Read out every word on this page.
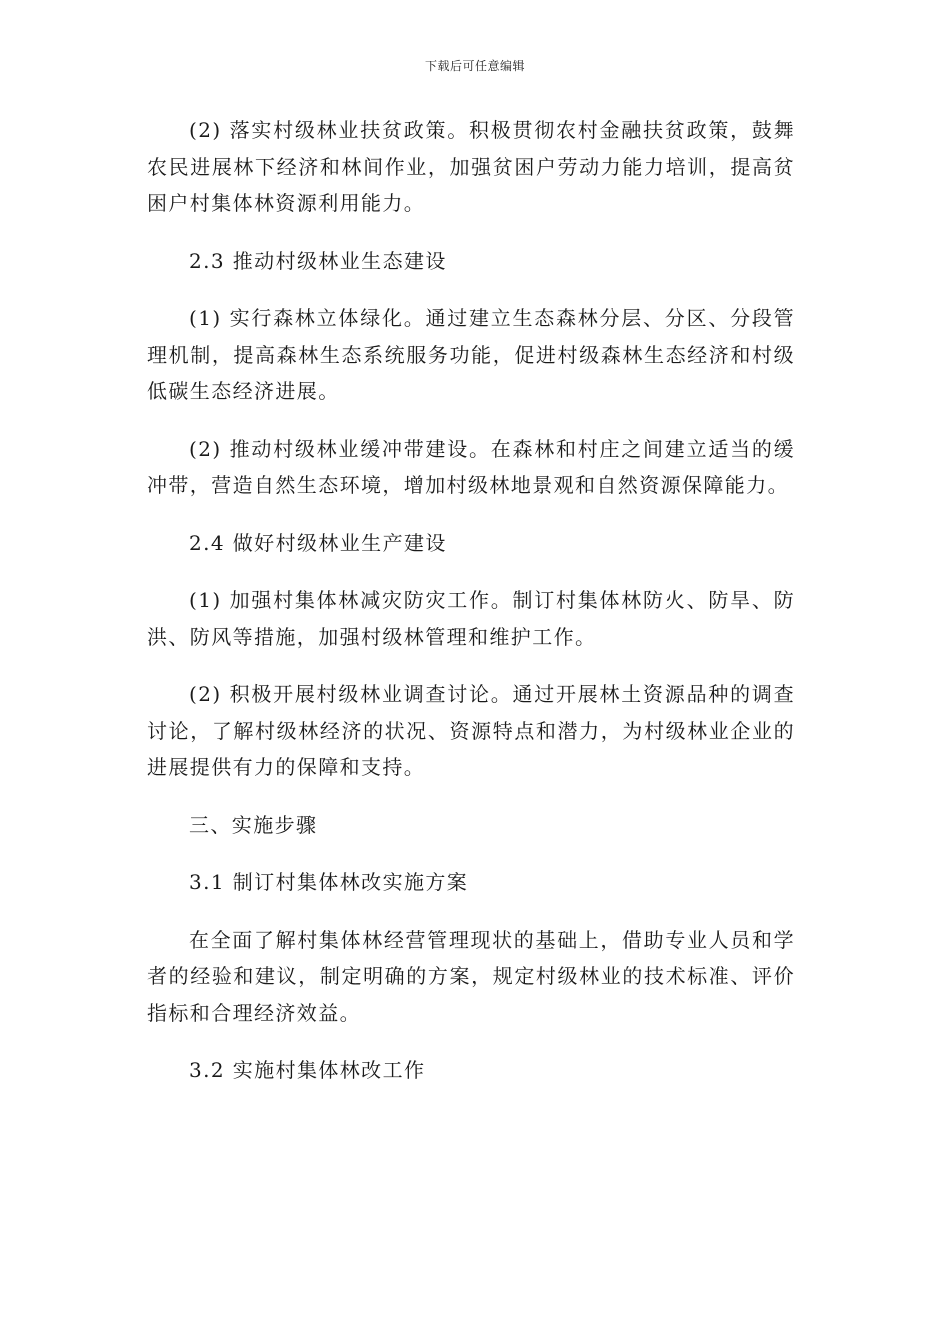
下载后可任意编辑

(2) 落实村级林业扶贫政策。积极贯彻农村金融扶贫政策，鼓舞农民进展林下经济和林间作业，加强贫困户劳动力能力培训，提高贫困户村集体林资源利用能力。

2.3 推动村级林业生态建设

(1) 实行森林立体绿化。通过建立生态森林分层、分区、分段管理机制，提高森林生态系统服务功能，促进村级森林生态经济和村级低碳生态经济进展。

(2) 推动村级林业缓冲带建设。在森林和村庄之间建立适当的缓冲带，营造自然生态环境，增加村级林地景观和自然资源保障能力。

2.4 做好村级林业生产建设

(1) 加强村集体林减灾防灾工作。制订村集体林防火、防旱、防洪、防风等措施，加强村级林管理和维护工作。

(2) 积极开展村级林业调查讨论。通过开展林土资源品种的调查讨论，了解村级林经济的状况、资源特点和潜力，为村级林业企业的进展提供有力的保障和支持。

三、实施步骤

3.1 制订村集体林改实施方案

在全面了解村集体林经营管理现状的基础上，借助专业人员和学者的经验和建议，制定明确的方案，规定村级林业的技术标准、评价指标和合理经济效益。

3.2 实施村集体林改工作
